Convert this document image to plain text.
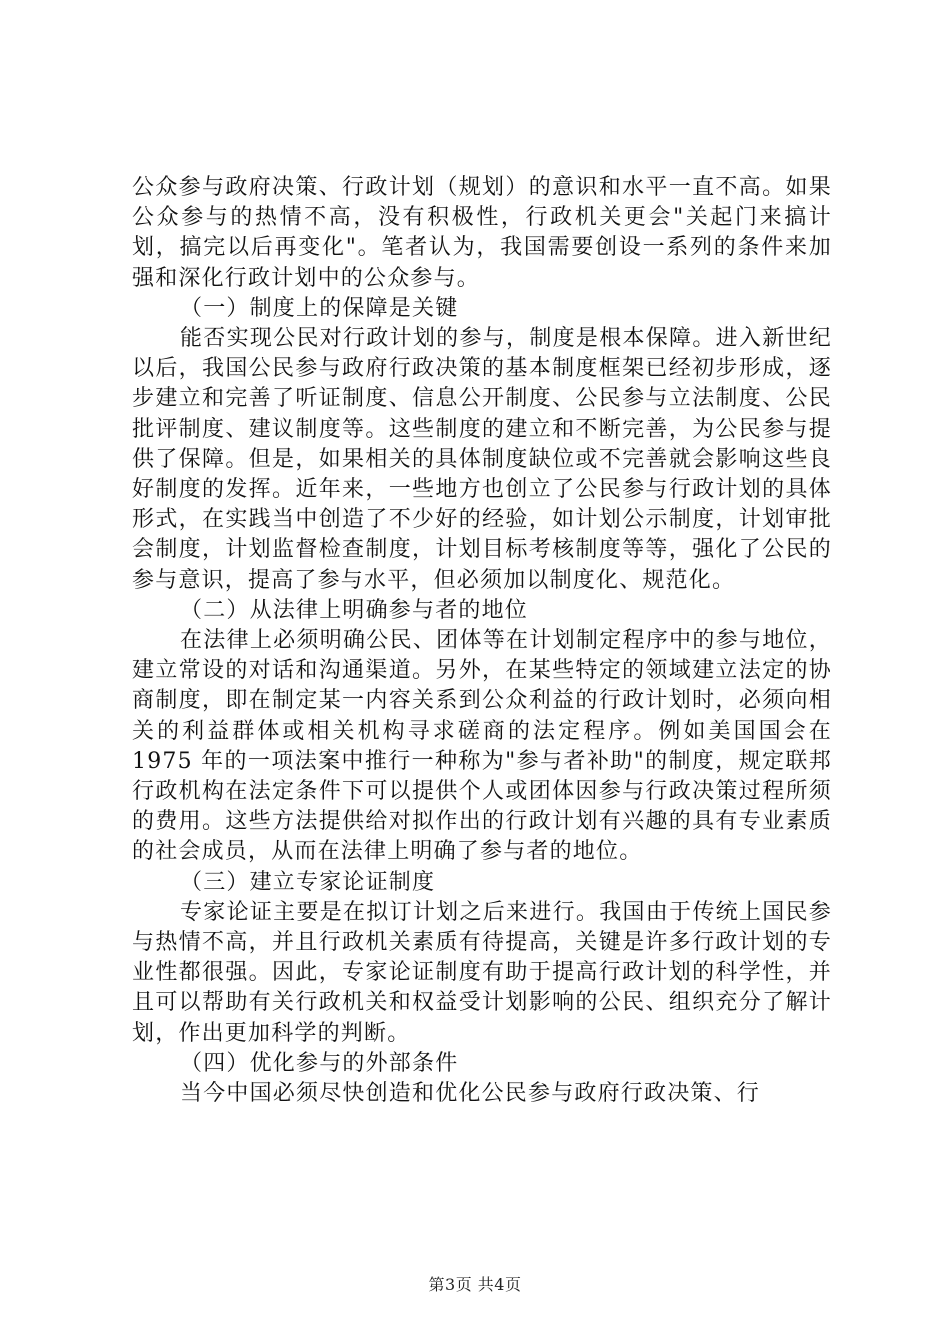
公众参与政府决策、行政计划（规划）的意识和水平一直不高。如果公众参与的热情不高，没有积极性，行政机关更会"关起门来搞计划，搞完以后再变化"。笔者认为，我国需要创设一系列的条件来加强和深化行政计划中的公众参与。

（一）制度上的保障是关键

能否实现公民对行政计划的参与，制度是根本保障。进入新世纪以后，我国公民参与政府行政决策的基本制度框架已经初步形成，逐步建立和完善了听证制度、信息公开制度、公民参与立法制度、公民批评制度、建议制度等。这些制度的建立和不断完善，为公民参与提供了保障。但是，如果相关的具体制度缺位或不完善就会影响这些良好制度的发挥。近年来，一些地方也创立了公民参与行政计划的具体形式，在实践当中创造了不少好的经验，如计划公示制度，计划审批会制度，计划监督检查制度，计划目标考核制度等等，强化了公民的参与意识，提高了参与水平，但必须加以制度化、规范化。

（二）从法律上明确参与者的地位

在法律上必须明确公民、团体等在计划制定程序中的参与地位，建立常设的对话和沟通渠道。另外，在某些特定的领域建立法定的协商制度，即在制定某一内容关系到公众利益的行政计划时，必须向相关的利益群体或相关机构寻求磋商的法定程序。例如美国国会在 1975 年的一项法案中推行一种称为"参与者补助"的制度，规定联邦行政机构在法定条件下可以提供个人或团体因参与行政决策过程所须的费用。这些方法提供给对拟作出的行政计划有兴趣的具有专业素质的社会成员，从而在法律上明确了参与者的地位。

（三）建立专家论证制度

专家论证主要是在拟订计划之后来进行。我国由于传统上国民参与热情不高，并且行政机关素质有待提高，关键是许多行政计划的专业性都很强。因此，专家论证制度有助于提高行政计划的科学性，并且可以帮助有关行政机关和权益受计划影响的公民、组织充分了解计划，作出更加科学的判断。

（四）优化参与的外部条件

当今中国必须尽快创造和优化公民参与政府行政决策、行

第3页 共4页
